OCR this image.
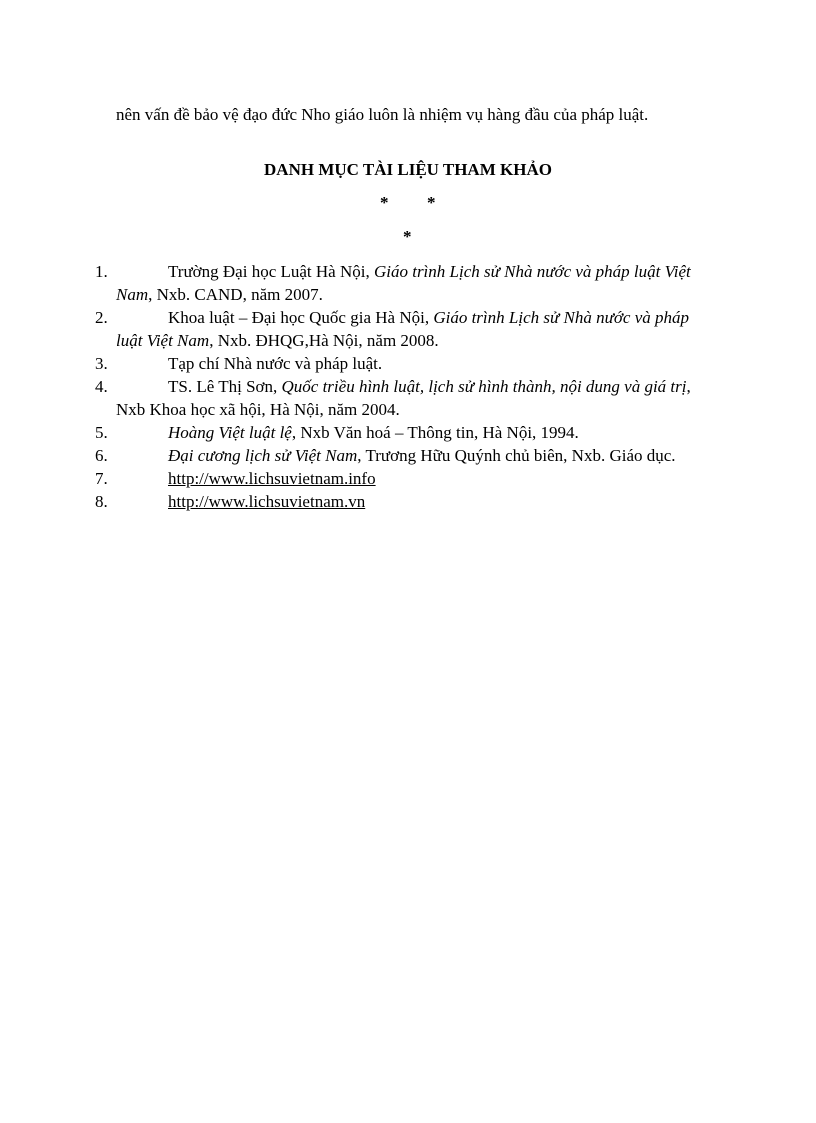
nên vấn đề bảo vệ đạo đức Nho giáo luôn là nhiệm vụ hàng đầu của pháp luật.

DANH MỤC TÀI LIỆU THAM KHẢO
* *
*
1.	Trường Đại học Luật Hà Nội, Giáo trình Lịch sử Nhà nước và pháp luật Việt Nam, Nxb. CAND, năm 2007.
2.	Khoa luật – Đại học Quốc gia Hà Nội, Giáo trình Lịch sử Nhà nước và pháp luật Việt Nam, Nxb. ĐHQG,Hà Nội, năm 2008.
3.	Tạp chí Nhà nước và pháp luật.
4.	TS. Lê Thị Sơn, Quốc triều hình luật, lịch sử hình thành, nội dung và giá trị, Nxb Khoa học xã hội, Hà Nội, năm 2004.
5.	Hoàng Việt luật lệ, Nxb Văn hoá – Thông tin, Hà Nội, 1994.
6.	Đại cương lịch sử Việt Nam, Trương Hữu Quýnh chủ biên, Nxb. Giáo dục.
7.	http://www.lichsuvietnam.info
8.	http://www.lichsuvietnam.vn
